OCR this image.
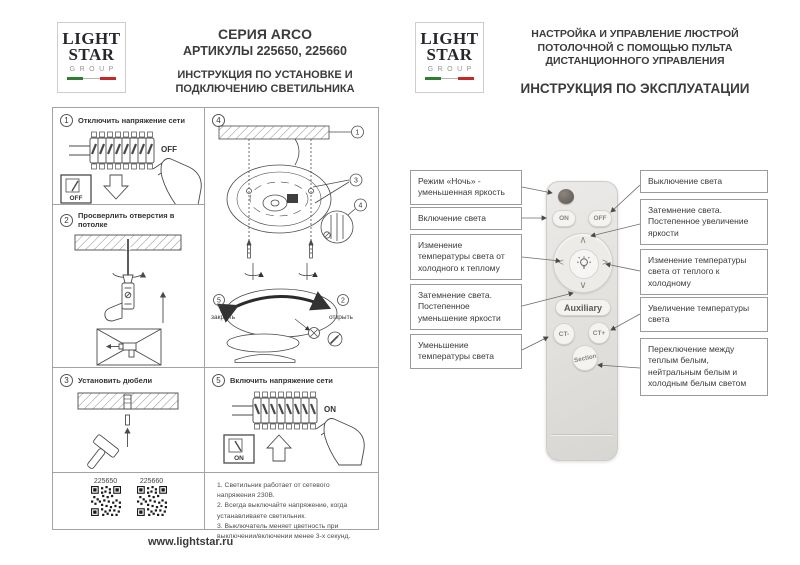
LIGHT
STAR
GROUP
СЕРИЯ ARCO
АРТИКУЛЫ 225650, 225660
ИНСТРУКЦИЯ ПО УСТАНОВКЕ И ПОДКЛЮЧЕНИЮ СВЕТИЛЬНИКА
LIGHT
STAR
GROUP
НАСТРОЙКА И УПРАВЛЕНИЕ ЛЮСТРОЙ ПОТОЛОЧНОЙ С ПОМОЩЬЮ ПУЛЬТА ДИСТАНЦИОННОГО УПРАВЛЕНИЯ
ИНСТРУКЦИЯ ПО ЭКСПЛУАТАЦИИ
1	Отключить напряжение сети
OFF
OFF
2	Просверлить отверстия в потолке
3	Установить дюбели
225650	225660
4
1
3
4
5	2
закрыть	открыть
5	Включить напряжение сети
ON
ON
1. Светильник работает от сетевого напряжения 230В.
2. Всегда выключайте напряжение, когда устанавливаете светильник.
3. Выключатель меняет цветность при выключении/включении менее 3-х секунд.
www.lightstar.ru
Режим «Ночь» - уменьшенная яркость
Включение света
Изменение температуры света от холодного к теплому
Затемнение света. Постепенное уменьшение яркости
Уменьшение температуры света
Выключение света
Затемнение света. Постепенное увеличение яркости
Изменение температуры света от теплого к холодному
Увеличение температуры света
Переключение между теплым белым, нейтральным белым и холодным белым светом
ON	OFF
∧
∨
<	>
Auxiliary
CT-	CT+
Section
